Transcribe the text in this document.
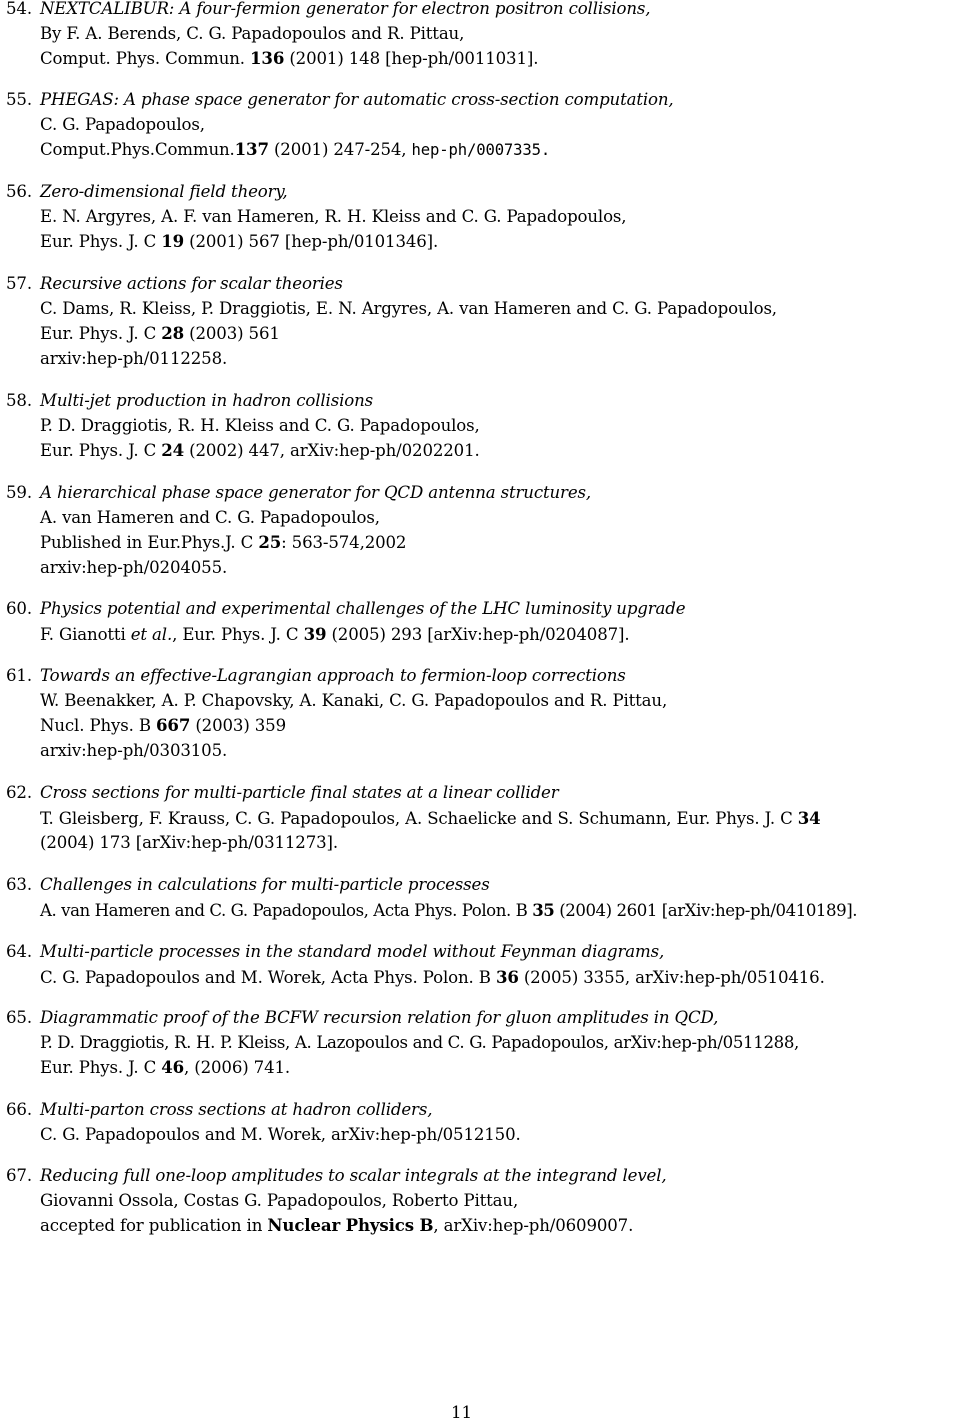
54. NEXTCALIBUR: A four-fermion generator for electron positron collisions,
By F. A. Berends, C. G. Papadopoulos and R. Pittau,
Comput. Phys. Commun. 136 (2001) 148 [hep-ph/0011031].
55. PHEGAS: A phase space generator for automatic cross-section computation,
C. G. Papadopoulos,
Comput.Phys.Commun.137 (2001) 247-254, hep-ph/0007335.
56. Zero-dimensional field theory,
E. N. Argyres, A. F. van Hameren, R. H. Kleiss and C. G. Papadopoulos,
Eur. Phys. J. C 19 (2001) 567 [hep-ph/0101346].
57. Recursive actions for scalar theories
C. Dams, R. Kleiss, P. Draggiotis, E. N. Argyres, A. van Hameren and C. G. Papadopoulos,
Eur. Phys. J. C 28 (2003) 561
arxiv:hep-ph/0112258.
58. Multi-jet production in hadron collisions
P. D. Draggiotis, R. H. Kleiss and C. G. Papadopoulos,
Eur. Phys. J. C 24 (2002) 447, arXiv:hep-ph/0202201.
59. A hierarchical phase space generator for QCD antenna structures,
A. van Hameren and C. G. Papadopoulos,
Published in Eur.Phys.J. C 25: 563-574,2002
arxiv:hep-ph/0204055.
60. Physics potential and experimental challenges of the LHC luminosity upgrade
F. Gianotti et al., Eur. Phys. J. C 39 (2005) 293 [arXiv:hep-ph/0204087].
61. Towards an effective-Lagrangian approach to fermion-loop corrections
W. Beenakker, A. P. Chapovsky, A. Kanaki, C. G. Papadopoulos and R. Pittau,
Nucl. Phys. B 667 (2003) 359
arxiv:hep-ph/0303105.
62. Cross sections for multi-particle final states at a linear collider
T. Gleisberg, F. Krauss, C. G. Papadopoulos, A. Schaelicke and S. Schumann, Eur. Phys. J. C 34
(2004) 173 [arXiv:hep-ph/0311273].
63. Challenges in calculations for multi-particle processes
A. van Hameren and C. G. Papadopoulos, Acta Phys. Polon. B 35 (2004) 2601 [arXiv:hep-ph/0410189].
64. Multi-particle processes in the standard model without Feynman diagrams,
C. G. Papadopoulos and M. Worek, Acta Phys. Polon. B 36 (2005) 3355, arXiv:hep-ph/0510416.
65. Diagrammatic proof of the BCFW recursion relation for gluon amplitudes in QCD,
P. D. Draggiotis, R. H. P. Kleiss, A. Lazopoulos and C. G. Papadopoulos, arXiv:hep-ph/0511288,
Eur. Phys. J. C 46, (2006) 741.
66. Multi-parton cross sections at hadron colliders,
C. G. Papadopoulos and M. Worek, arXiv:hep-ph/0512150.
67. Reducing full one-loop amplitudes to scalar integrals at the integrand level,
Giovanni Ossola, Costas G. Papadopoulos, Roberto Pittau,
accepted for publication in Nuclear Physics B, arXiv:hep-ph/0609007.
11
